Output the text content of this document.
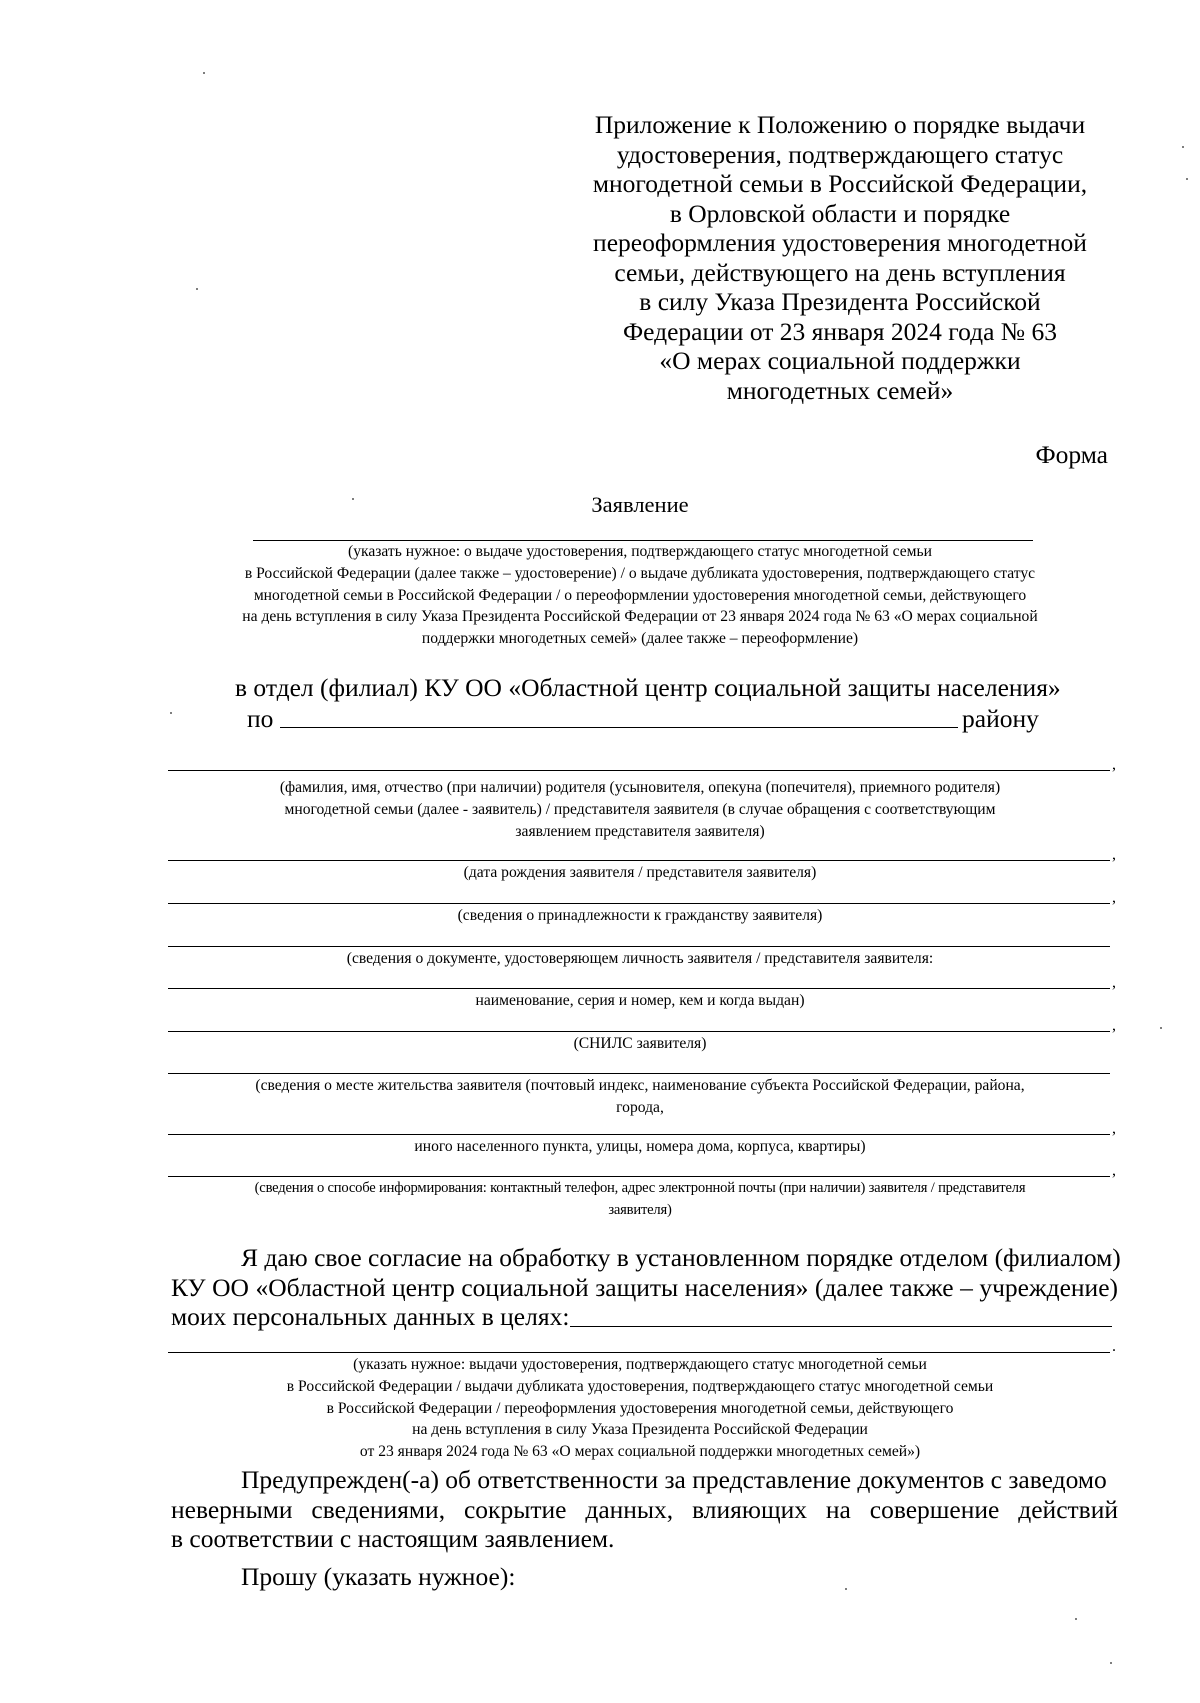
Приложение к Положению о порядке выдачи
удостоверения, подтверждающего статус
многодетной семьи в Российской Федерации,
в Орловской области и порядке
переоформления удостоверения многодетной
семьи, действующего на день вступления
в силу Указа Президента Российской
Федерации от 23 января 2024 года № 63
«О мерах социальной поддержки
многодетных семей»
Форма
Заявление
(указать нужное: о выдаче удостоверения, подтверждающего статус многодетной семьи
в Российской Федерации (далее также – удостоверение) / о выдаче дубликата удостоверения, подтверждающего статус
многодетной семьи в Российской Федерации / о переоформлении удостоверения многодетной семьи, действующего
на день вступления в силу Указа Президента Российской Федерации от 23 января 2024 года № 63 «О мерах социальной
поддержки многодетных семей» (далее также – переоформление)
в отдел (филиал) КУ ОО «Областной центр социальной защиты населения»
по	району
,
(фамилия, имя, отчество (при наличии) родителя (усыновителя, опекуна (попечителя), приемного родителя)
многодетной семьи (далее - заявитель) / представителя заявителя (в случае обращения с соответствующим
заявлением представителя заявителя)
,
(дата рождения заявителя / представителя заявителя)
,
(сведения о принадлежности к гражданству заявителя)
(сведения о документе, удостоверяющем личность заявителя / представителя заявителя:
,
наименование, серия и номер, кем и когда выдан)
,
(СНИЛС заявителя)
(сведения о месте жительства заявителя (почтовый индекс, наименование субъекта Российской Федерации, района,
города,
,
иного населенного пункта, улицы, номера дома, корпуса, квартиры)
,
(сведения о способе информирования: контактный телефон, адрес электронной почты (при наличии) заявителя / представителя
заявителя)
Я даю свое согласие на обработку в установленном порядке отделом (филиалом)
КУ ОО «Областной центр социальной защиты населения» (далее также – учреждение)
моих персональных данных в целях:
.
(указать нужное: выдачи удостоверения, подтверждающего статус многодетной семьи
в Российской Федерации / выдачи дубликата удостоверения, подтверждающего статус многодетной семьи
в Российской Федерации / переоформления удостоверения многодетной семьи, действующего
на день вступления в силу Указа Президента Российской Федерации
от 23 января 2024 года № 63 «О мерах социальной поддержки многодетных семей»)
Предупрежден(-а) об ответственности за представление документов с заведомо
неверными сведениями, сокрытие данных, влияющих на совершение действий
в соответствии с настоящим заявлением.
Прошу (указать нужное):
